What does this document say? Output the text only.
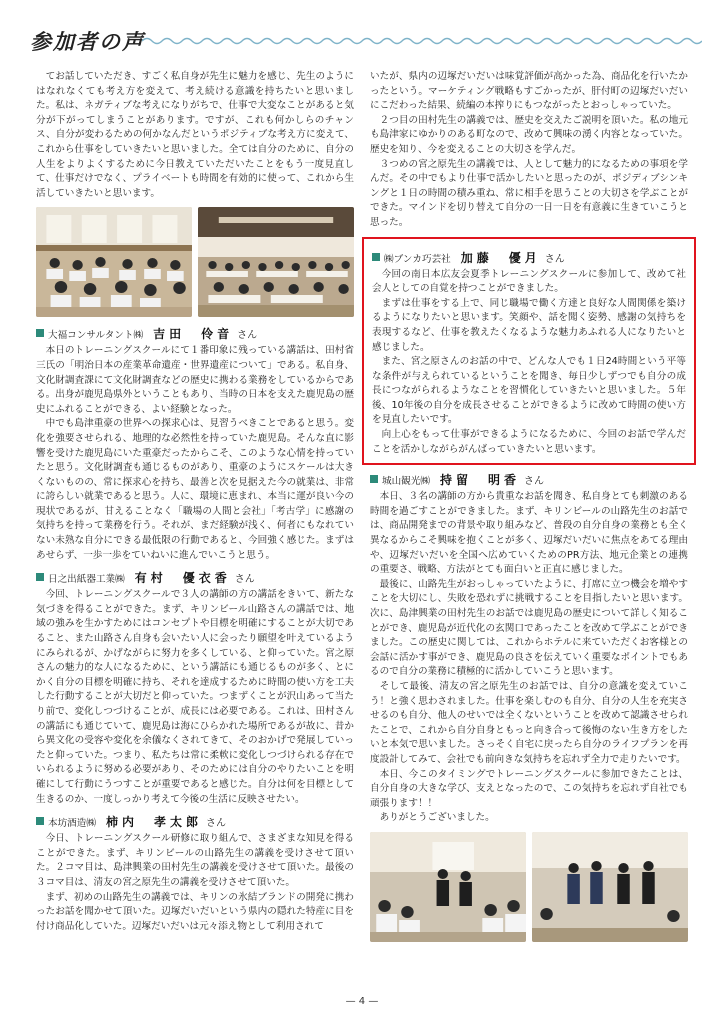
参加者の声

てお話していただき、すごく私自身が先生に魅力を感じ、先生のようにはなれなくても考え方を変えて、考え続ける意識を持ちたいと思いました。私は、ネガティブな考えになりがちで、仕事で大変なことがあると気分が下がってしまうことがあります。ですが、これも何かしらのチャンス、自分が変わるための何かなんだというポジティブな考え方に変えて、これから仕事をしていきたいと思いました。全ては自分のために、自分の人生をよりよくするために今日教えていただいたことをもう一度見直して、仕事だけでなく、プライベートも時間を有効的に使って、これから生活していきたいと思います。

大福コンサルタント㈱ 吉田　伶音 さん

本日のトレーニングスクールにて１番印象に残っている講話は、田村省三氏の「明治日本の産業革命遺産・世界遺産について」である。私自身、文化財調査課にて文化財調査などの歴史に携わる業務をしているからである。出身が鹿児島県外ということもあり、当時の日本を支えた鹿児島の歴史にふれることができる、よい経験となった。

中でも島津重豪の世界への探求心は、見習うべきことであると思う。変化を強要させられる、地理的な必然性を持っていた鹿児島。そんな直に影響を受けた鹿児島にいた重豪だったからこそ、このような心情を持っていたと思う。文化財調査も通じるものがあり、重豪のようにスケールは大きくないものの、常に探求心を持ち、最善と次を見据えた今の就業は、非常に誇らしい就業であると思う。人に、環境に恵まれ、本当に運が良い今の現状であるが、甘えることなく「職場の人間と会社」「考古学」に感謝の気持ちを持って業務を行う。それが、まだ経験が浅く、何者にもなれていない未熟な自分にできる最低限の行動であると、今回強く感じた。まずはあせらず、一歩一歩をていねいに進んでいこうと思う。

日之出紙器工業㈱ 有村　優衣香 さん

今回、トレーニングスクールで３人の講師の方の講話をきいて、新たな気づきを得ることができた。まず、キリンビール山路さんの講話では、地域の強みを生かすためにはコンセプトや目標を明確にすることが大切であること、また山路さん自身も会いたい人に会ったり願望を叶えているようにみられるが、かげながらに努力を多くしている、と仰っていた。宮之原さんの魅力的な人になるために、という講話にも通じるものが多く、とにかく自分の目標を明確に持ち、それを達成するために時間の使い方を工夫した行動することが大切だと仰っていた。つまずくことが沢山あって当たり前で、変化しつづけることが、成長には必要である。これは、田村さんの講話にも通じていて、鹿児島は海にひらかれた場所であるが故に、昔から異文化の受容や変化を余儀なくされてきて、そのおかげで発展していったと仰っていた。つまり、私たちは常に柔軟に変化しつづけられる存在でいられるように努める必要があり、そのためには自分のやりたいことを明確にして行動にうつすことが重要であると感じた。自分は何を目標として生きるのか、一度しっかり考えて今後の生活に反映させたい。

本坊酒造㈱ 柿内　孝太郎 さん

今日、トレーニングスクール研修に取り組んで、さまざまな知見を得ることができた。まず、キリンビールの山路先生の講義を受けさせて頂いた。２コマ目は、島津興業の田村先生の講義を受けさせて頂いた。最後の３コマ目は、清友の宮之原先生の講義を受けさせて頂いた。

まず、初めの山路先生の講義では、キリンの氷結ブランドの開発に携わったお話を聞かせて頂いた。辺塚だいだいという県内の隠れた特産に目を付け商品化していた。辺塚だいだいは元々添え物として利用されて

いたが、県内の辺塚だいだいは味覚評価が高かった為、商品化を行いたかったという。マーケティング戦略もすごかったが、肝付町の辺塚だいだいにこだわった結果、続編の本搾りにもつながったとおっしゃっていた。

２つ目の田村先生の講義では、歴史を交えたご説明を頂いた。私の地元も島津家にゆかりのある町なので、改めて興味の湧く内容となっていた。歴史を知り、今を変えることの大切さを学んだ。

３つめの宮之原先生の講義では、人として魅力的になるための事項を学んだ。その中でもより仕事で活かしたいと思ったのが、ポジディブシンキングと１日の時間の積み重ね、常に相手を思うことの大切さを学ぶことができた。マインドを切り替えて自分の一日一日を有意義に生きていこうと思った。

㈱ブンカ巧芸社 加藤　優月 さん

今回の南日本広友会夏季トレーニングスクールに参加して、改めて社会人としての自覚を持つことができました。

まずは仕事をする上で、同じ職場で働く方達と良好な人間関係を築けるようになりたいと思います。笑顔や、話を聞く姿勢、感謝の気持ちを表現するなど、仕事を教えたくなるような魅力あふれる人になりたいと感じました。

また、宮之原さんのお話の中で、どんな人でも１日24時間という平等な条件が与えられているということを聞き、毎日少しずつでも自分の成長につながられるようなことを習慣化していきたいと思いました。５年後、10年後の自分を成長させることができるように改めて時間の使い方を見直したいです。

向上心をもって仕事ができるようになるために、今回のお話で学んだことを活かしながらがんばっていきたいと思います。

城山観光㈱ 持留　明香 さん

本日、３名の講師の方から貴重なお話を聞き、私自身とても刺激のある時間を過ごすことができました。まず、キリンビールの山路先生のお話では、商品開発までの背景や取り組みなど、普段の自分自身の業務とも全く異なるからこそ興味を抱くことが多く、辺塚だいだいに焦点をあてる理由や、辺塚だいだいを全国へ広めていくためのPR方法、地元企業との連携の重要さ、戦略、方法がとても面白いと正直に感じました。

最後に、山路先生がおっしゃっていたように、打席に立つ機会を増やすことを大切にし、失敗を恐れずに挑戦することを目指したいと思います。次に、島津興業の田村先生のお話では鹿児島の歴史について詳しく知ることができ、鹿児島が近代化の玄関口であったことを改めて学ぶことができました。この歴史に関しては、これからホテルに来ていただくお客様との会話に活かす事ができ、鹿児島の良さを伝えていく重要なポイントでもあるので自分の業務に積極的に活かしていこうと思います。

そして最後、清友の宮之原先生のお話では、自分の意識を変えていこう！と強く思わされました。仕事を楽しむのも自分、自分の人生を充実させるのも自分、他人のせいでは全くないということを改めて認識させられたことで、これから自分自身ともっと向き合って後悔のない生き方をしたいと本気で思いました。さっそく自宅に戻ったら自分のライフプランを再度設計してみて、会社でも前向きな気持ちを忘れず全力で走りたいです。

本日、今このタイミングでトレーニングスクールに参加できたことは、自分自身の大きな学び、支えとなったので、この気持ちを忘れず自社でも頑張ります！！

ありがとうございました。

— 4 —
